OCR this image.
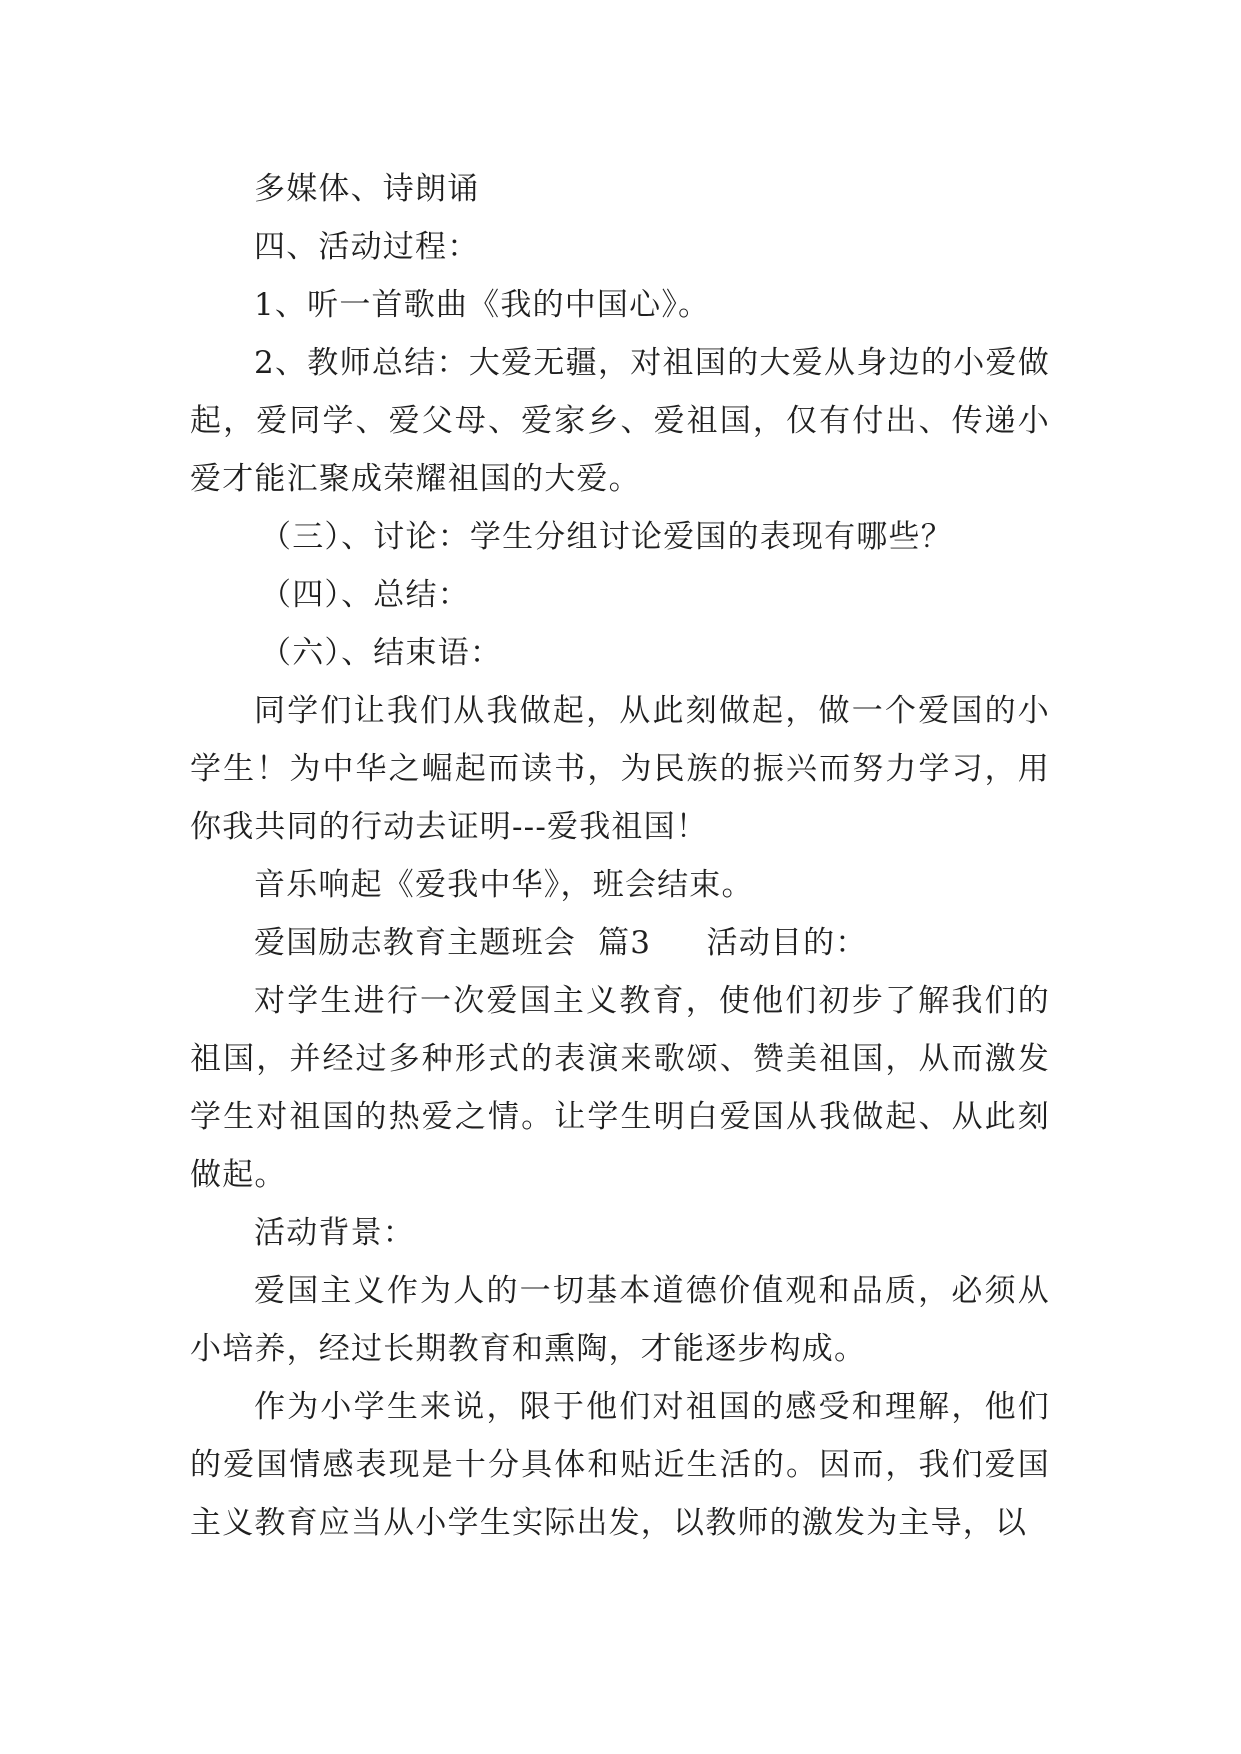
多媒体、诗朗诵

四、活动过程：

1、听一首歌曲《我的中国心》。

2、教师总结：大爱无疆，对祖国的大爱从身边的小爱做起，爱同学、爱父母、爱家乡、爱祖国，仅有付出、传递小爱才能汇聚成荣耀祖国的大爱。

（三）、讨论：学生分组讨论爱国的表现有哪些？

（四）、总结：

（六）、结束语：

同学们让我们从我做起，从此刻做起，做一个爱国的小学生！为中华之崛起而读书，为民族的振兴而努力学习，用你我共同的行动去证明---爱我祖国！

音乐响起《爱我中华》，班会结束。

爱国励志教育主题班会  篇3     活动目的：

对学生进行一次爱国主义教育，使他们初步了解我们的祖国，并经过多种形式的表演来歌颂、赞美祖国，从而激发学生对祖国的热爱之情。让学生明白爱国从我做起、从此刻做起。

活动背景：

爱国主义作为人的一切基本道德价值观和品质，必须从小培养，经过长期教育和熏陶，才能逐步构成。

作为小学生来说，限于他们对祖国的感受和理解，他们的爱国情感表现是十分具体和贴近生活的。因而，我们爱国主义教育应当从小学生实际出发，以教师的激发为主导，以
